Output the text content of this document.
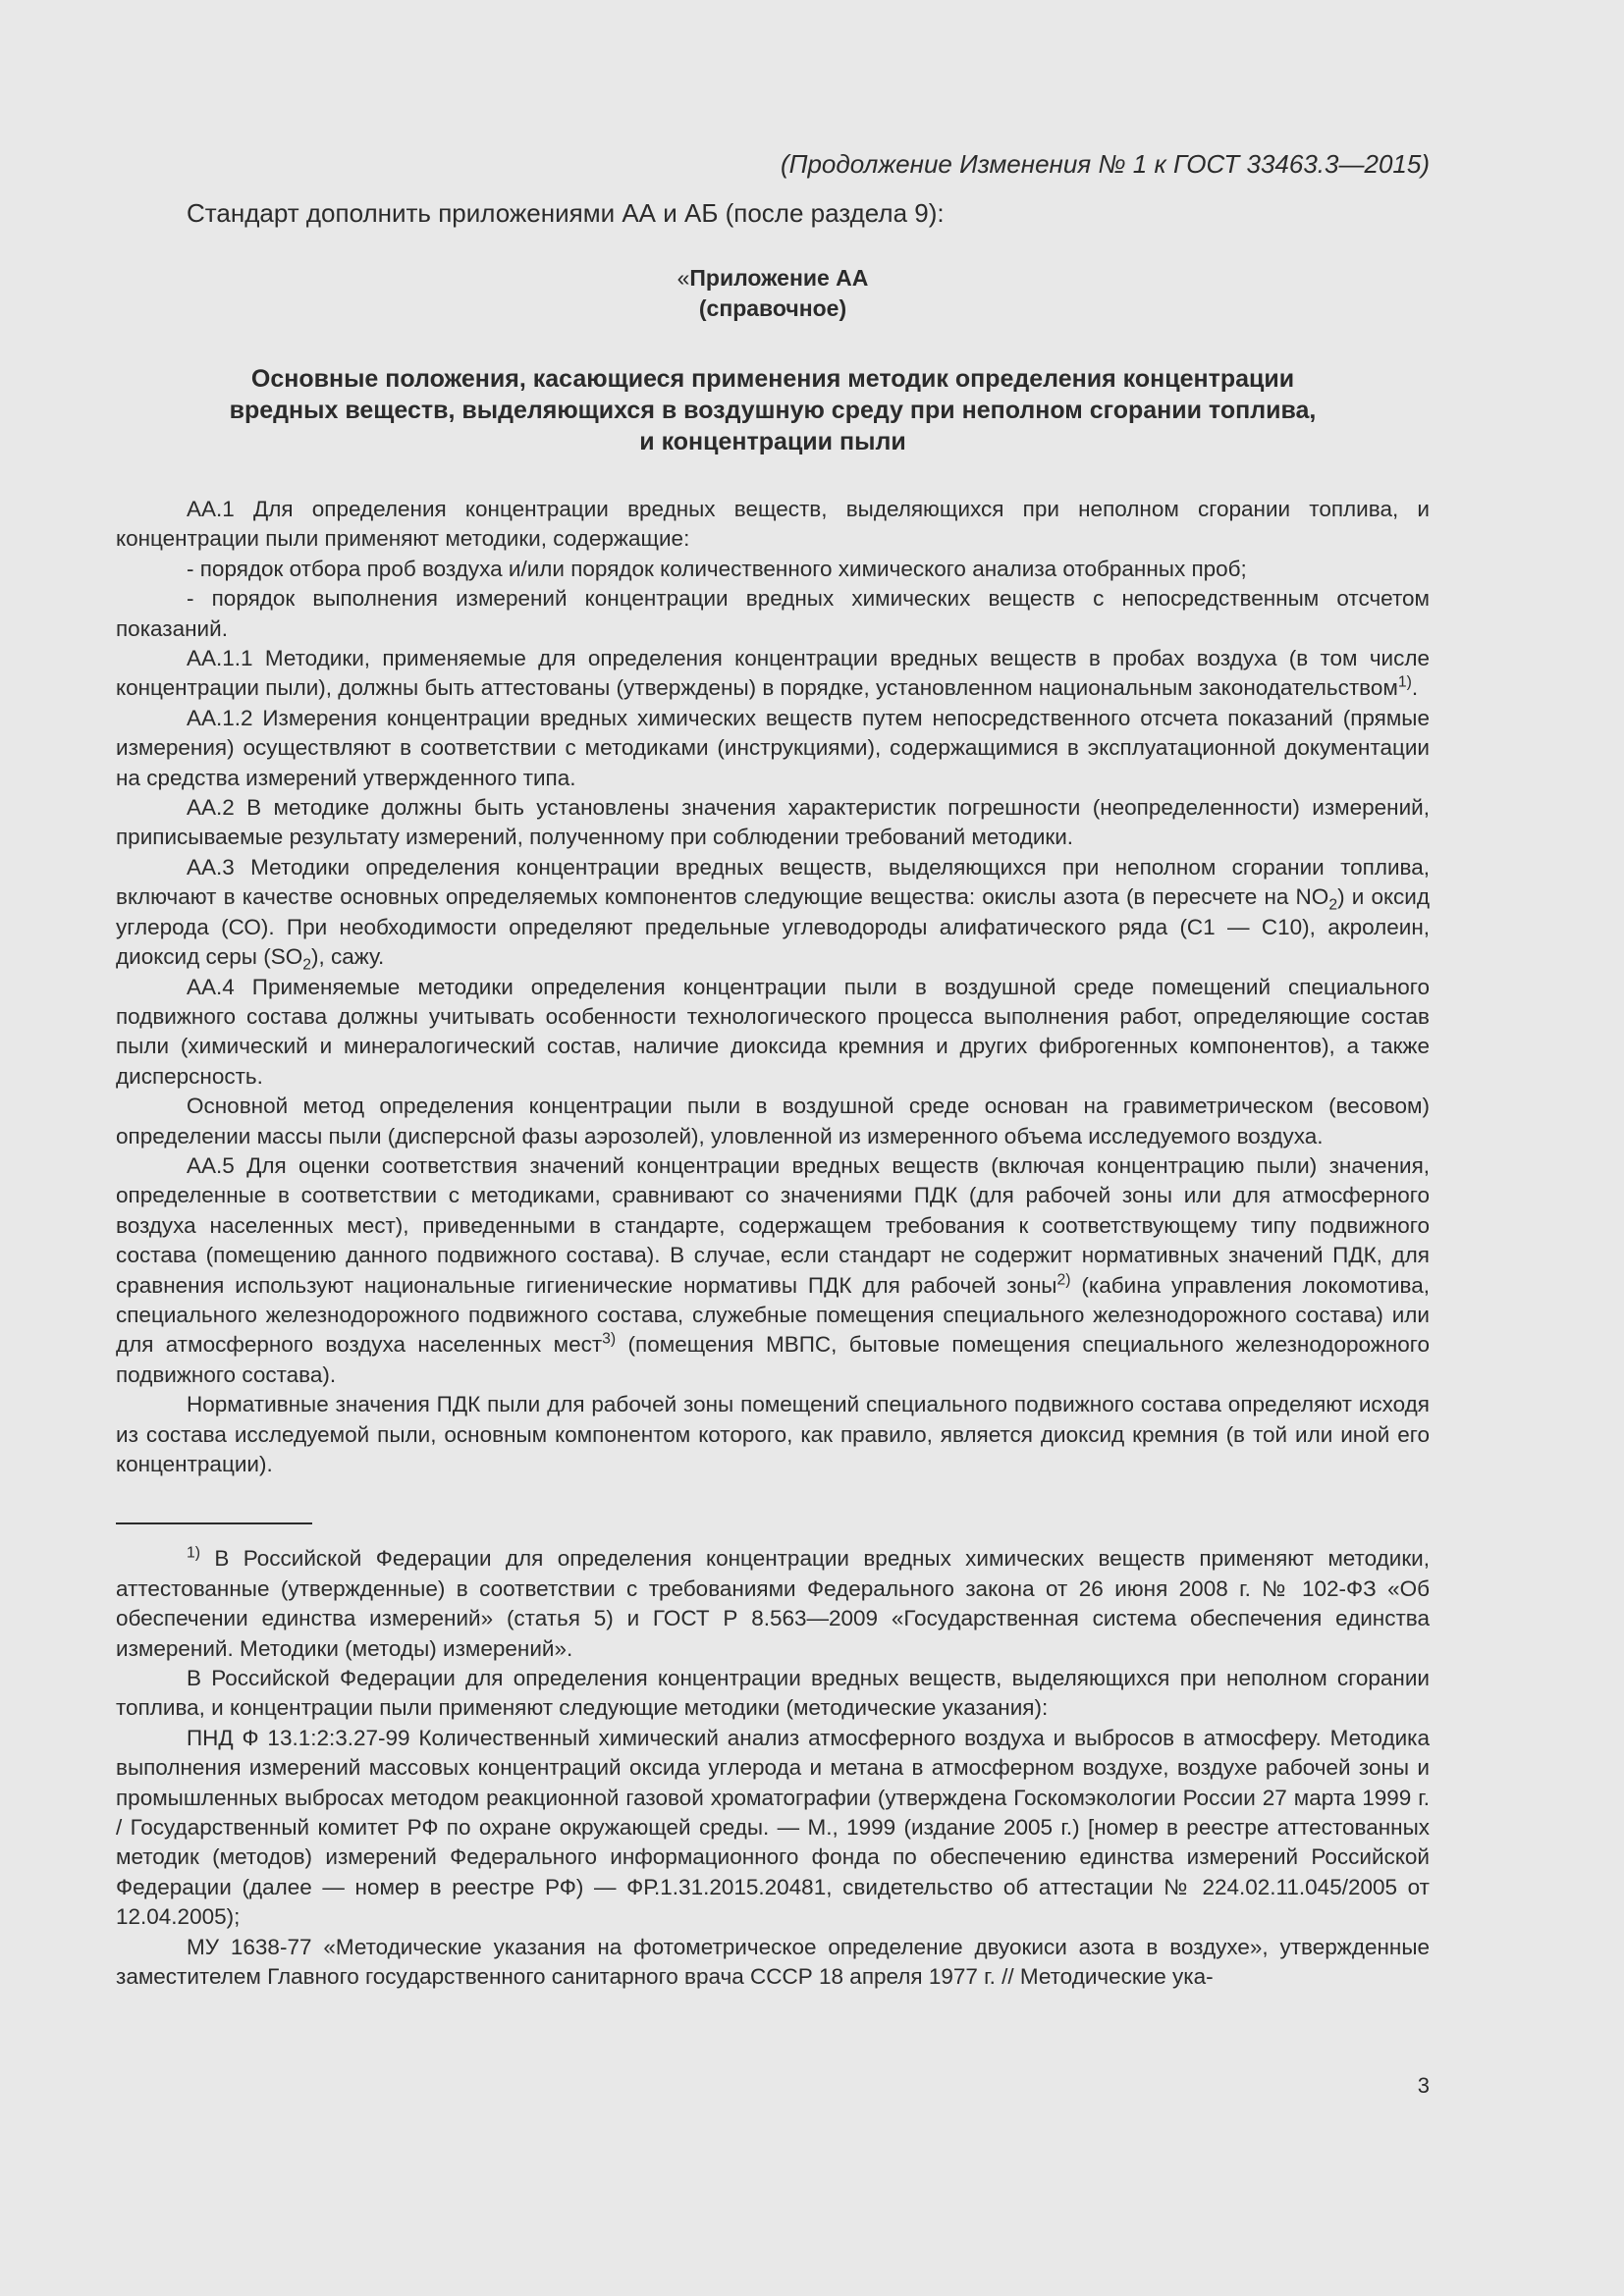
(Продолжение Изменения № 1 к ГОСТ 33463.3—2015)

Стандарт дополнить приложениями АА и АБ (после раздела 9):

«Приложение АА
(справочное)
Основные положения, касающиеся применения методик определения концентрации
вредных веществ, выделяющихся в воздушную среду при неполном сгорании топлива,
и концентрации пыли

АА.1 Для определения концентрации вредных веществ, выделяющихся при неполном сгорании топлива, и концентрации пыли применяют методики, содержащие:

- порядок отбора проб воздуха и/или порядок количественного химического анализа отобранных проб;

- порядок выполнения измерений концентрации вредных химических веществ с непосредственным отсчетом показаний.

АА.1.1 Методики, применяемые для определения концентрации вредных веществ в пробах воздуха (в том числе концентрации пыли), должны быть аттестованы (утверждены) в порядке, установленном национальным законодательством$^{1)}$.

АА.1.2 Измерения концентрации вредных химических веществ путем непосредственного отсчета показаний (прямые измерения) осуществляют в соответствии с методиками (инструкциями), содержащимися в эксплуатационной документации на средства измерений утвержденного типа.

АА.2 В методике должны быть установлены значения характеристик погрешности (неопределенности) измерений, приписываемые результату измерений, полученному при соблюдении требований методики.

АА.3 Методики определения концентрации вредных веществ, выделяющихся при неполном сгорании топлива, включают в качестве основных определяемых компонентов следующие вещества: окислы азота (в пересчете на $NO_2$) и оксид углерода (СО). При необходимости определяют предельные углеводороды алифатического ряда (С1 — С10), акролеин, диоксид серы $(SO_2)$, сажу.

АА.4 Применяемые методики определения концентрации пыли в воздушной среде помещений специального подвижного состава должны учитывать особенности технологического процесса выполнения работ, определяющие состав пыли (химический и минералогический состав, наличие диоксида кремния и других фиброгенных компонентов), а также дисперсность.

Основной метод определения концентрации пыли в воздушной среде основан на гравиметрическом (весовом) определении массы пыли (дисперсной фазы аэрозолей), уловленной из измеренного объема исследуемого воздуха.

АА.5 Для оценки соответствия значений концентрации вредных веществ (включая концентрацию пыли) значения, определенные в соответствии с методиками, сравнивают со значениями ПДК (для рабочей зоны или для атмосферного воздуха населенных мест), приведенными в стандарте, содержащем требования к соответствующему типу подвижного состава (помещению данного подвижного состава). В случае, если стандарт не содержит нормативных значений ПДК, для сравнения используют национальные гигиенические нормативы ПДК для рабочей зоны$^{2)}$ (кабина управления локомотива, специального железнодорожного подвижного состава, служебные помещения специального железнодорожного состава) или для атмосферного воздуха населенных мест$^{3)}$ (помещения МВПС, бытовые помещения специального железнодорожного подвижного состава).

Нормативные значения ПДК пыли для рабочей зоны помещений специального подвижного состава определяют исходя из состава исследуемой пыли, основным компонентом которого, как правило, является диоксид кремния (в той или иной его концентрации).

$^{1)}$ В Российской Федерации для определения концентрации вредных химических веществ применяют методики, аттестованные (утвержденные) в соответствии с требованиями Федерального закона от 26 июня 2008 г. № 102-ФЗ «Об обеспечении единства измерений» (статья 5) и ГОСТ Р 8.563—2009 «Государственная система обеспечения единства измерений. Методики (методы) измерений».

В Российской Федерации для определения концентрации вредных веществ, выделяющихся при неполном сгорании топлива, и концентрации пыли применяют следующие методики (методические указания):

ПНД Ф 13.1:2:3.27-99 Количественный химический анализ атмосферного воздуха и выбросов в атмосферу. Методика выполнения измерений массовых концентраций оксида углерода и метана в атмосферном воздухе, воздухе рабочей зоны и промышленных выбросах методом реакционной газовой хроматографии (утверждена Госкомэкологии России 27 марта 1999 г. / Государственный комитет РФ по охране окружающей среды. — М., 1999 (издание 2005 г.) [номер в реестре аттестованных методик (методов) измерений Федерального информационного фонда по обеспечению единства измерений Российской Федерации (далее — номер в реестре РФ) — ФР.1.31.2015.20481, свидетельство об аттестации № 224.02.11.045/2005 от 12.04.2005);

МУ 1638-77 «Методические указания на фотометрическое определение двуокиси азота в воздухе», утвержденные заместителем Главного государственного санитарного врача СССР 18 апреля 1977 г. // Методические ука-

3
